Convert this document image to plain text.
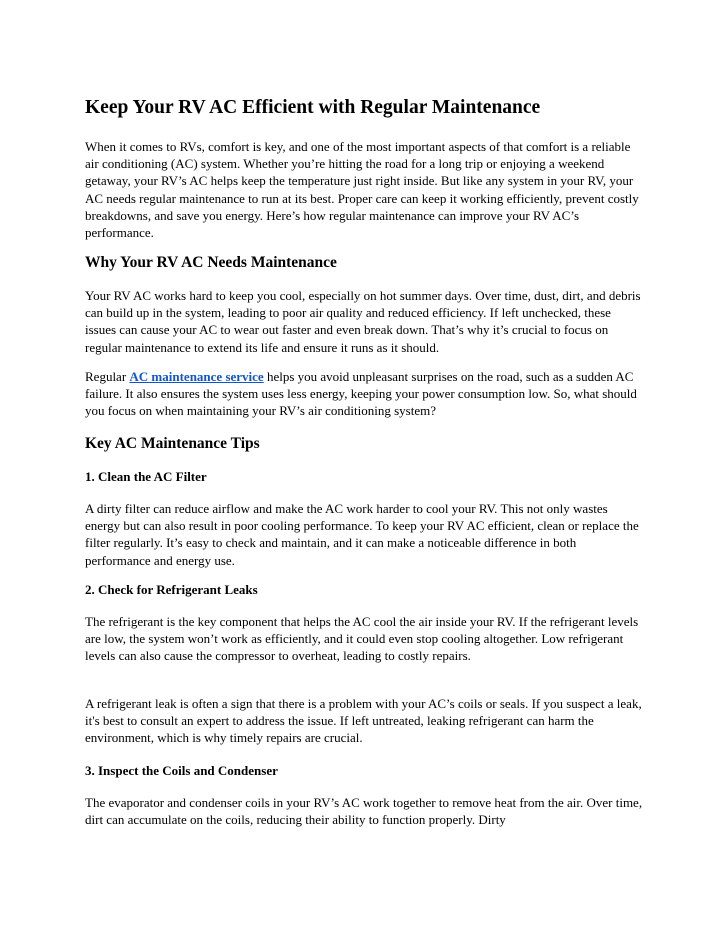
Keep Your RV AC Efficient with Regular Maintenance

When it comes to RVs, comfort is key, and one of the most important aspects of that comfort is a reliable air conditioning (AC) system. Whether you’re hitting the road for a long trip or enjoying a weekend getaway, your RV’s AC helps keep the temperature just right inside. But like any system in your RV, your AC needs regular maintenance to run at its best. Proper care can keep it working efficiently, prevent costly breakdowns, and save you energy. Here’s how regular maintenance can improve your RV AC’s performance.

Why Your RV AC Needs Maintenance

Your RV AC works hard to keep you cool, especially on hot summer days. Over time, dust, dirt, and debris can build up in the system, leading to poor air quality and reduced efficiency. If left unchecked, these issues can cause your AC to wear out faster and even break down. That’s why it’s crucial to focus on regular maintenance to extend its life and ensure it runs as it should.

Regular AC maintenance service helps you avoid unpleasant surprises on the road, such as a sudden AC failure. It also ensures the system uses less energy, keeping your power consumption low. So, what should you focus on when maintaining your RV’s air conditioning system?

Key AC Maintenance Tips
1. Clean the AC Filter

A dirty filter can reduce airflow and make the AC work harder to cool your RV. This not only wastes energy but can also result in poor cooling performance. To keep your RV AC efficient, clean or replace the filter regularly. It’s easy to check and maintain, and it can make a noticeable difference in both performance and energy use.

2. Check for Refrigerant Leaks

The refrigerant is the key component that helps the AC cool the air inside your RV. If the refrigerant levels are low, the system won’t work as efficiently, and it could even stop cooling altogether. Low refrigerant levels can also cause the compressor to overheat, leading to costly repairs.

A refrigerant leak is often a sign that there is a problem with your AC’s coils or seals. If you suspect a leak, it's best to consult an expert to address the issue. If left untreated, leaking refrigerant can harm the environment, which is why timely repairs are crucial.

3. Inspect the Coils and Condenser

The evaporator and condenser coils in your RV’s AC work together to remove heat from the air. Over time, dirt can accumulate on the coils, reducing their ability to function properly. Dirty
